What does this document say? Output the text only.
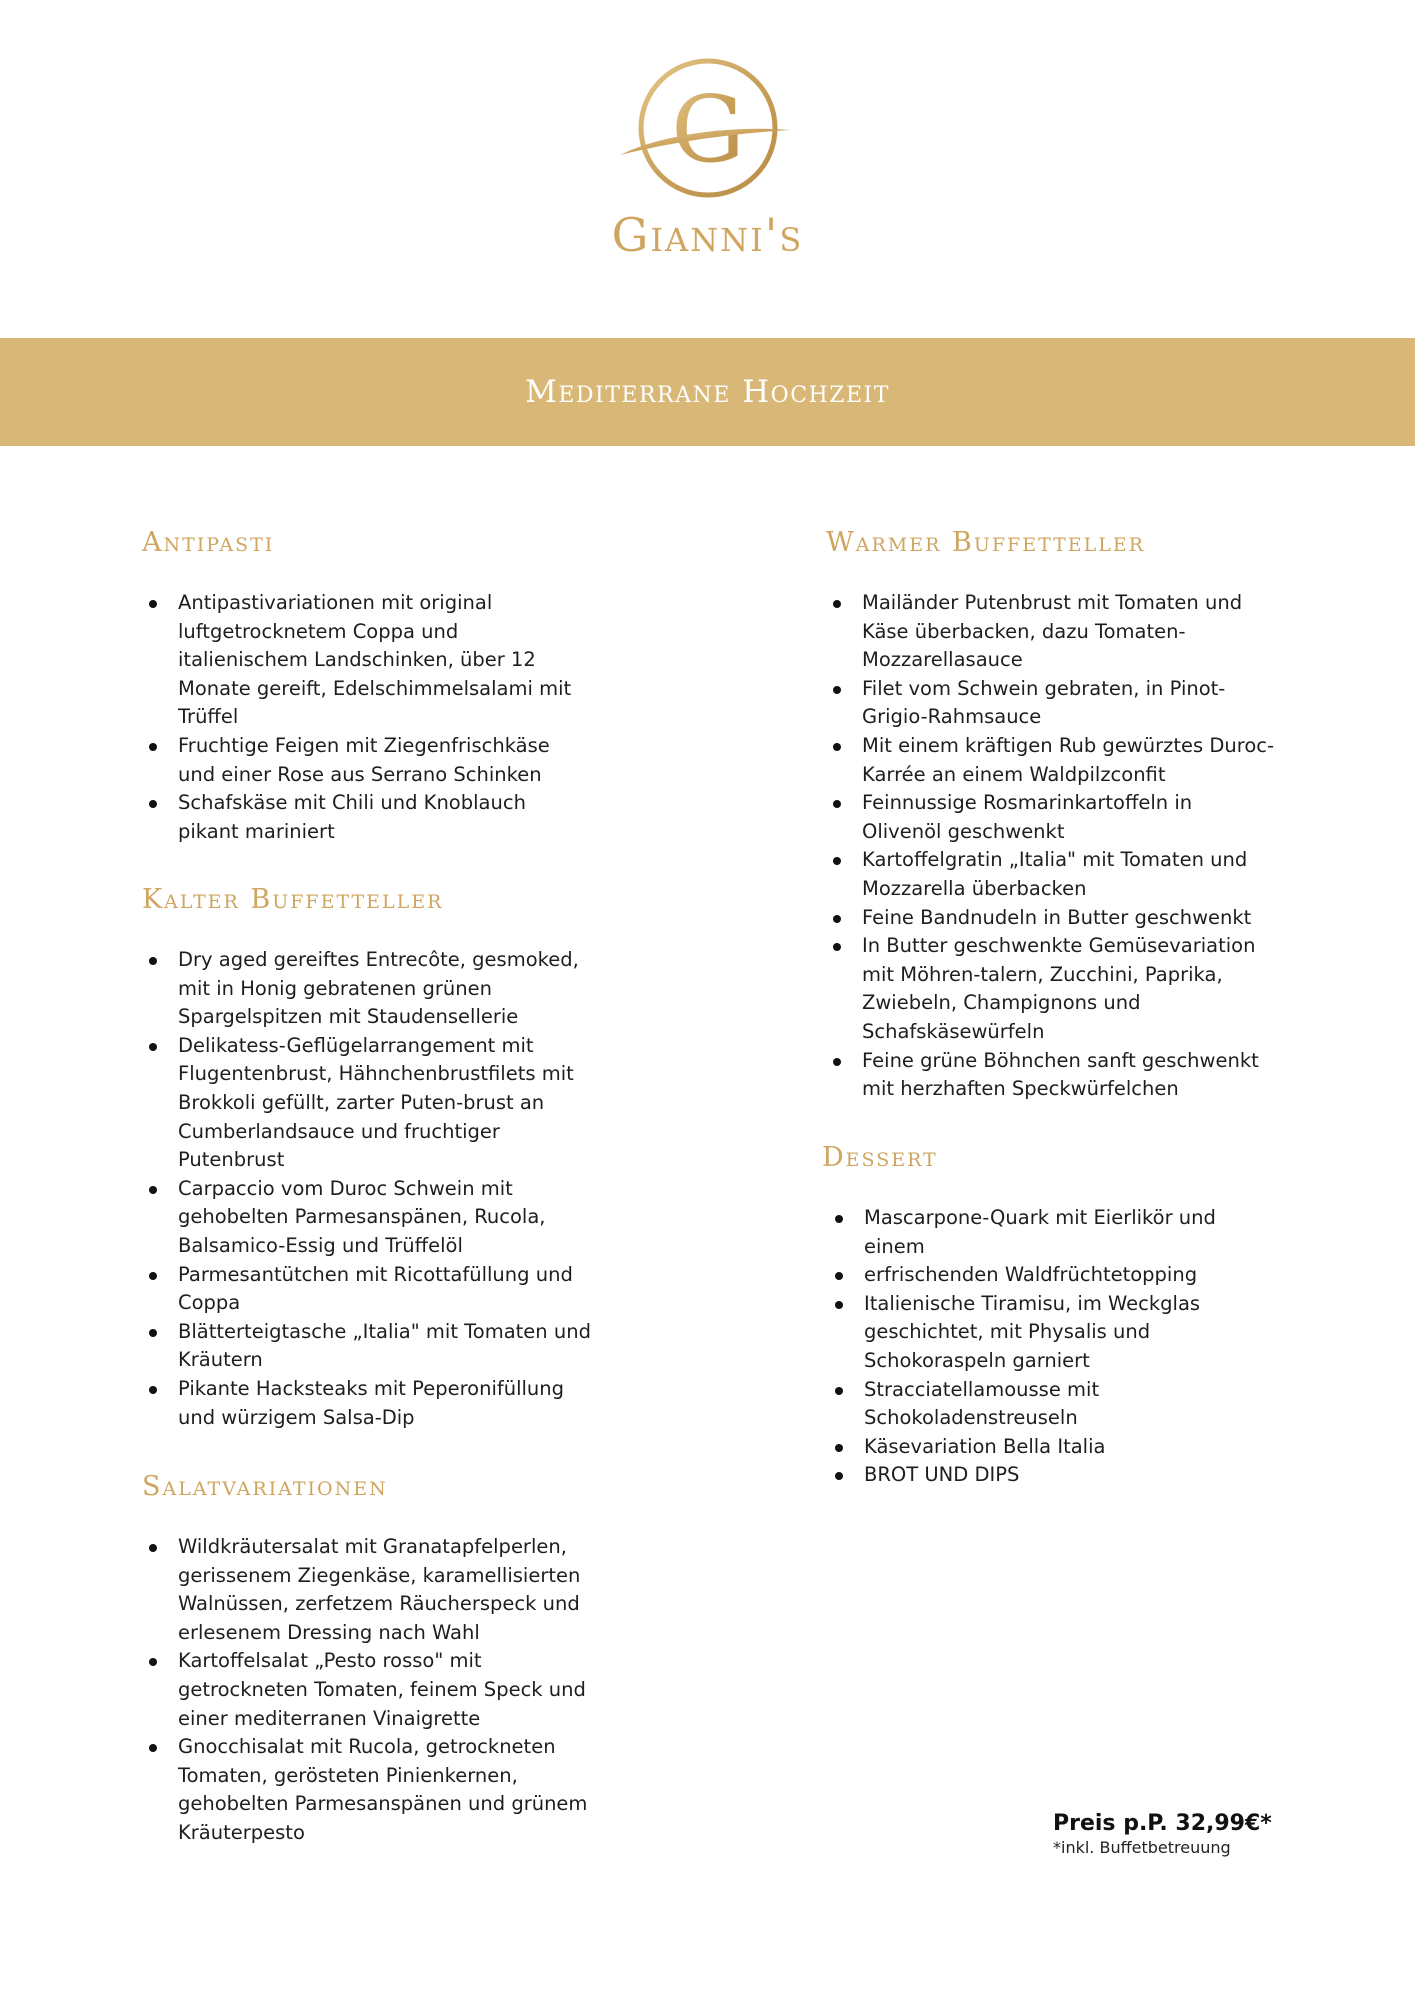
G
Gianni's
Mediterrane Hochzeit
Antipasti
Antipastivariationen mit original luftgetrocknetem Coppa und italienischem Landschinken, über 12 Monate gereift, Edelschimmelsalami mit Trüffel
Fruchtige Feigen mit Ziegenfrischkäse und einer Rose aus Serrano Schinken
Schafskäse mit Chili und Knoblauch pikant mariniert
Kalter Buffetteller
Dry aged gereiftes Entrecôte, gesmoked, mit in Honig gebratenen grünen Spargelspitzen mit Staudensellerie
Delikatess-Geflügelarrangement mit Flugentenbrust, Hähnchenbrustfilets mit Brokkoli gefüllt, zarter Puten-brust an Cumberlandsauce und fruchtiger Putenbrust
Carpaccio vom Duroc Schwein mit gehobelten Parmesanspänen, Rucola, Balsamico-Essig und Trüffelöl
Parmesantütchen mit Ricottafüllung und Coppa
Blätterteigtasche „Italia" mit Tomaten und Kräutern
Pikante Hacksteaks mit Peperonifüllung und würzigem Salsa-Dip
Salatvariationen
Wildkräutersalat mit Granatapfelperlen, gerissenem Ziegenkäse, karamellisierten Walnüssen, zerfetzem Räucherspeck und erlesenem Dressing nach Wahl
Kartoffelsalat „Pesto rosso" mit getrockneten Tomaten, feinem Speck und einer mediterranen Vinaigrette
Gnocchisalat mit Rucola, getrockneten Tomaten, gerösteten Pinienkernen, gehobelten Parmesanspänen und grünem Kräuterpesto
Warmer Buffetteller
Mailänder Putenbrust mit Tomaten und Käse überbacken, dazu Tomaten-Mozzarellasauce
Filet vom Schwein gebraten, in Pinot-Grigio-Rahmsauce
Mit einem kräftigen Rub gewürztes Duroc-Karrée an einem Waldpilzconfit
Feinnussige Rosmarinkartoffeln in Olivenöl geschwenkt
Kartoffelgratin „Italia" mit Tomaten und Mozzarella überbacken
Feine Bandnudeln in Butter geschwenkt
In Butter geschwenkte Gemüsevariation mit Möhren-talern, Zucchini, Paprika, Zwiebeln, Champignons und Schafskäsewürfeln
Feine grüne Böhnchen sanft geschwenkt mit herzhaften Speckwürfelchen
Dessert
Mascarpone-Quark mit Eierlikör und einem
erfrischenden Waldfrüchtetopping
Italienische Tiramisu, im Weckglas geschichtet, mit Physalis und Schokoraspeln garniert
Stracciatellamousse mit Schokoladenstreuseln
Käsevariation Bella Italia
BROT UND DIPS
Preis p.P. 32,99€*
*inkl. Buffetbetreuung
